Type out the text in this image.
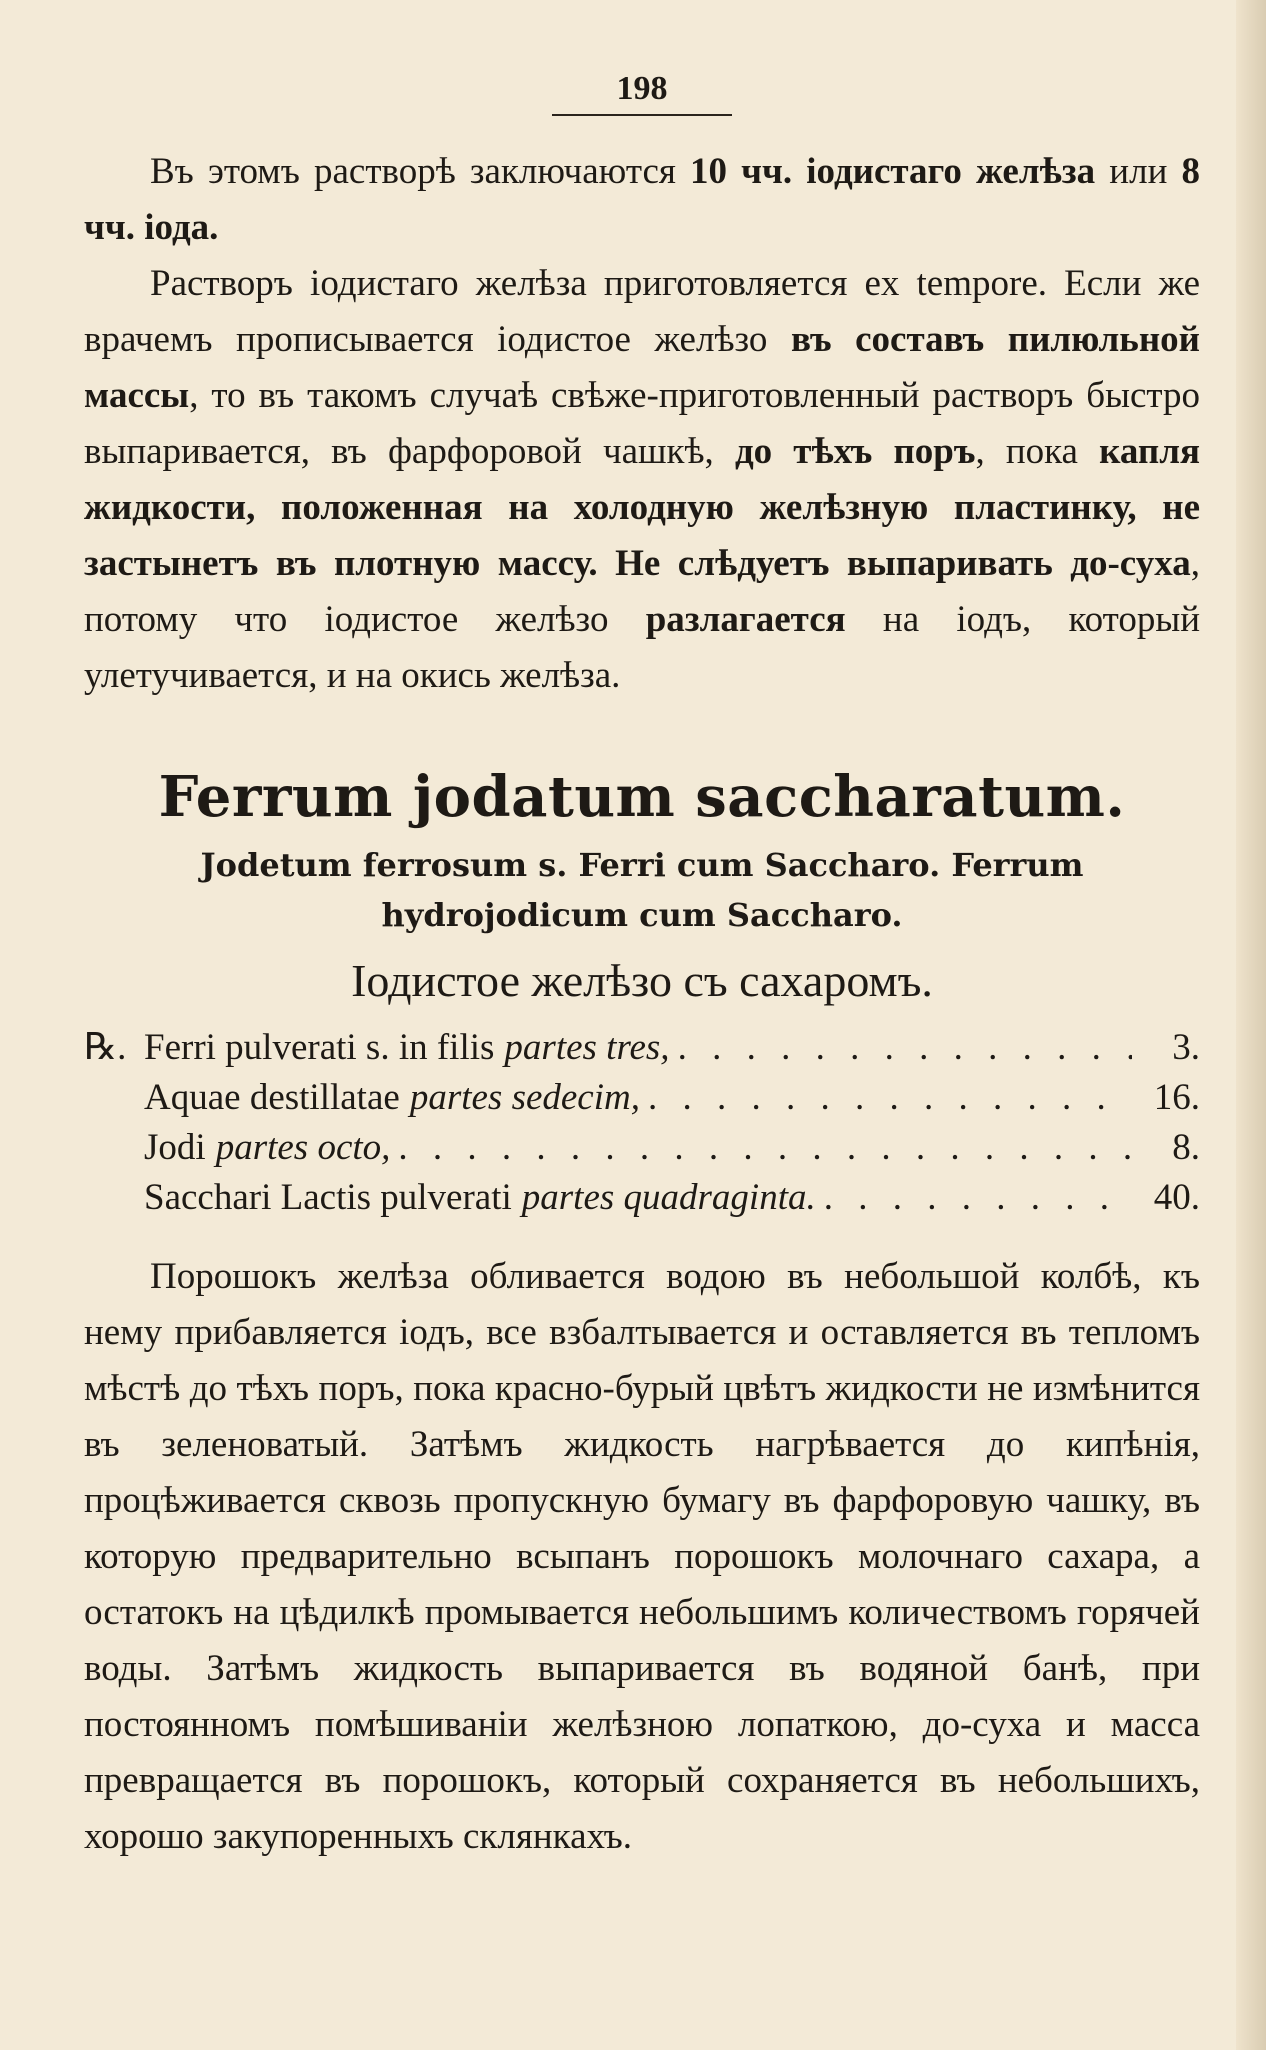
198

Въ этомъ растворѣ заключаются 10 чч. іодистаго желѣза или 8 чч. іода.

Растворъ іодистаго желѣза приготовляется ex tempore. Если же врачемъ прописывается іодистое желѣзо въ составъ пилюльной массы, то въ такомъ случаѣ свѣже-приготовленный растворъ быстро выпаривается, въ фарфоровой чашкѣ, до тѣхъ поръ, пока капля жидкости, положенная на холодную желѣзную пластинку, не застынетъ въ плотную массу. Не слѣдуетъ выпаривать до-суха, потому что іодистое желѣзо разлагается на іодъ, который улетучивается, и на окись желѣза.

Ferrum jodatum saccharatum.
Jodetum ferrosum s. Ferri cum Saccharo. Ferrum hydrojodicum cum Saccharo.
Іодистое желѣзо съ сахаромъ.
℞. Ferri pulverati s. in filis partes tres, . . .	3.
Aquae destillatae partes sedecim, . . .	16.
Jodi partes octo, . . .	8.
Sacchari Lactis pulverati partes quadraginta. . . .	40.

Порошокъ желѣза обливается водою въ небольшой колбѣ, къ нему прибавляется іодъ, все взбалтывается и оставляется въ тепломъ мѣстѣ до тѣхъ поръ, пока красно-бурый цвѣтъ жидкости не измѣнится въ зеленоватый. Затѣмъ жидкость нагрѣвается до кипѣнія, процѣживается сквозь пропускную бумагу въ фарфоровую чашку, въ которую предварительно всыпанъ порошокъ молочнаго сахара, а остатокъ на цѣдилкѣ промывается небольшимъ количествомъ горячей воды. Затѣмъ жидкость выпаривается въ водяной банѣ, при постоянномъ помѣшиваніи желѣзною лопаткою, до-суха и масса превращается въ порошокъ, который сохраняется въ небольшихъ, хорошо закупоренныхъ склянкахъ.
